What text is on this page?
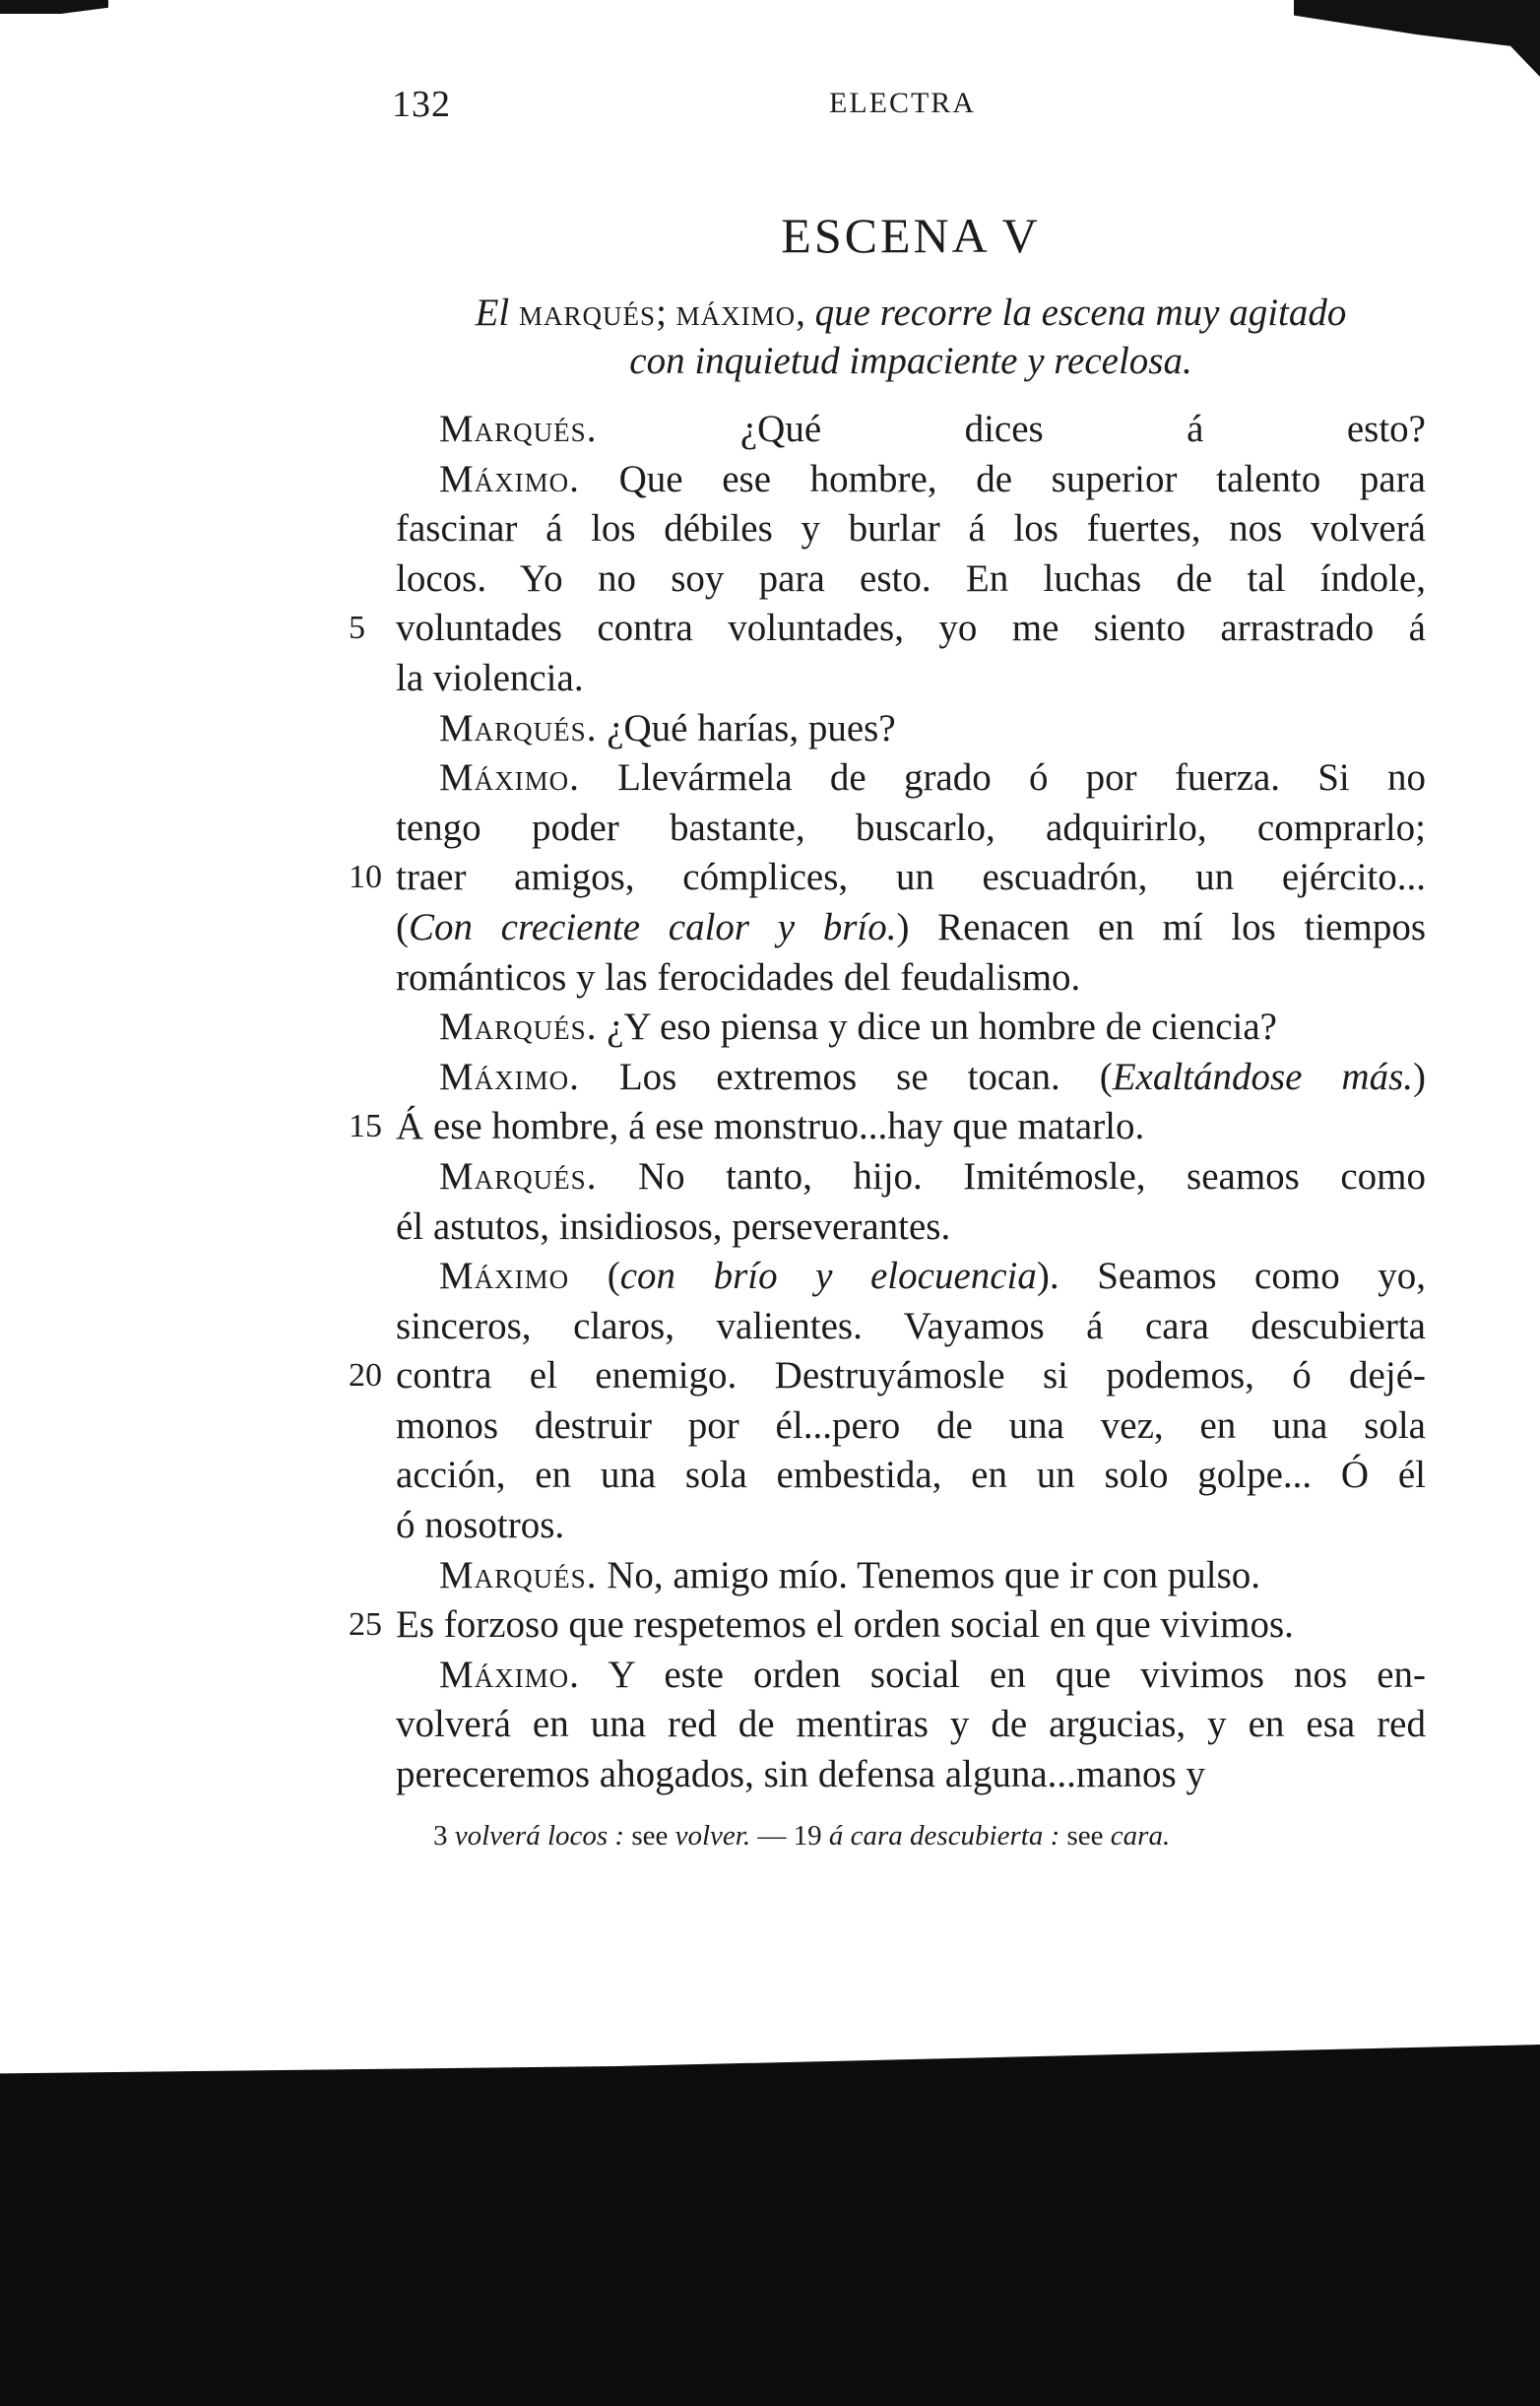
132	ELECTRA
ESCENA V
El marqués; máximo, que recorre la escena muy agitado
con inquietud impaciente y recelosa.
Marqués. ¿Qué dices á esto?
Máximo. Que ese hombre, de superior talento para
fascinar á los débiles y burlar á los fuertes, nos volverá
locos. Yo no soy para esto. En luchas de tal índole,
5 voluntades contra voluntades, yo me siento arrastrado á
la violencia.
Marqués. ¿Qué harías, pues?
Máximo. Llevármela de grado ó por fuerza. Si no
tengo poder bastante, buscarlo, adquirirlo, comprarlo;
10 traer amigos, cómplices, un escuadrón, un ejército...
(Con creciente calor y brío.) Renacen en mí los tiempos
románticos y las ferocidades del feudalismo.
Marqués. ¿Y eso piensa y dice un hombre de ciencia?
Máximo. Los extremos se tocan. (Exaltándose más.)
15 Á ese hombre, á ese monstruo...hay que matarlo.
Marqués. No tanto, hijo. Imitémosle, seamos como
él astutos, insidiosos, perseverantes.
Máximo (con brío y elocuencia). Seamos como yo,
sinceros, claros, valientes. Vayamos á cara descubierta
20 contra el enemigo. Destruyámosle si podemos, ó dejé-
monos destruir por él...pero de una vez, en una sola
acción, en una sola embestida, en un solo golpe... Ó él
ó nosotros.
Marqués. No, amigo mío. Tenemos que ir con pulso.
25 Es forzoso que respetemos el orden social en que vivimos.
Máximo. Y este orden social en que vivimos nos en-
volverá en una red de mentiras y de argucias, y en esa red
pereceremos ahogados, sin defensa alguna...manos y
3 volverá locos : see volver. — 19 á cara descubierta : see cara.
